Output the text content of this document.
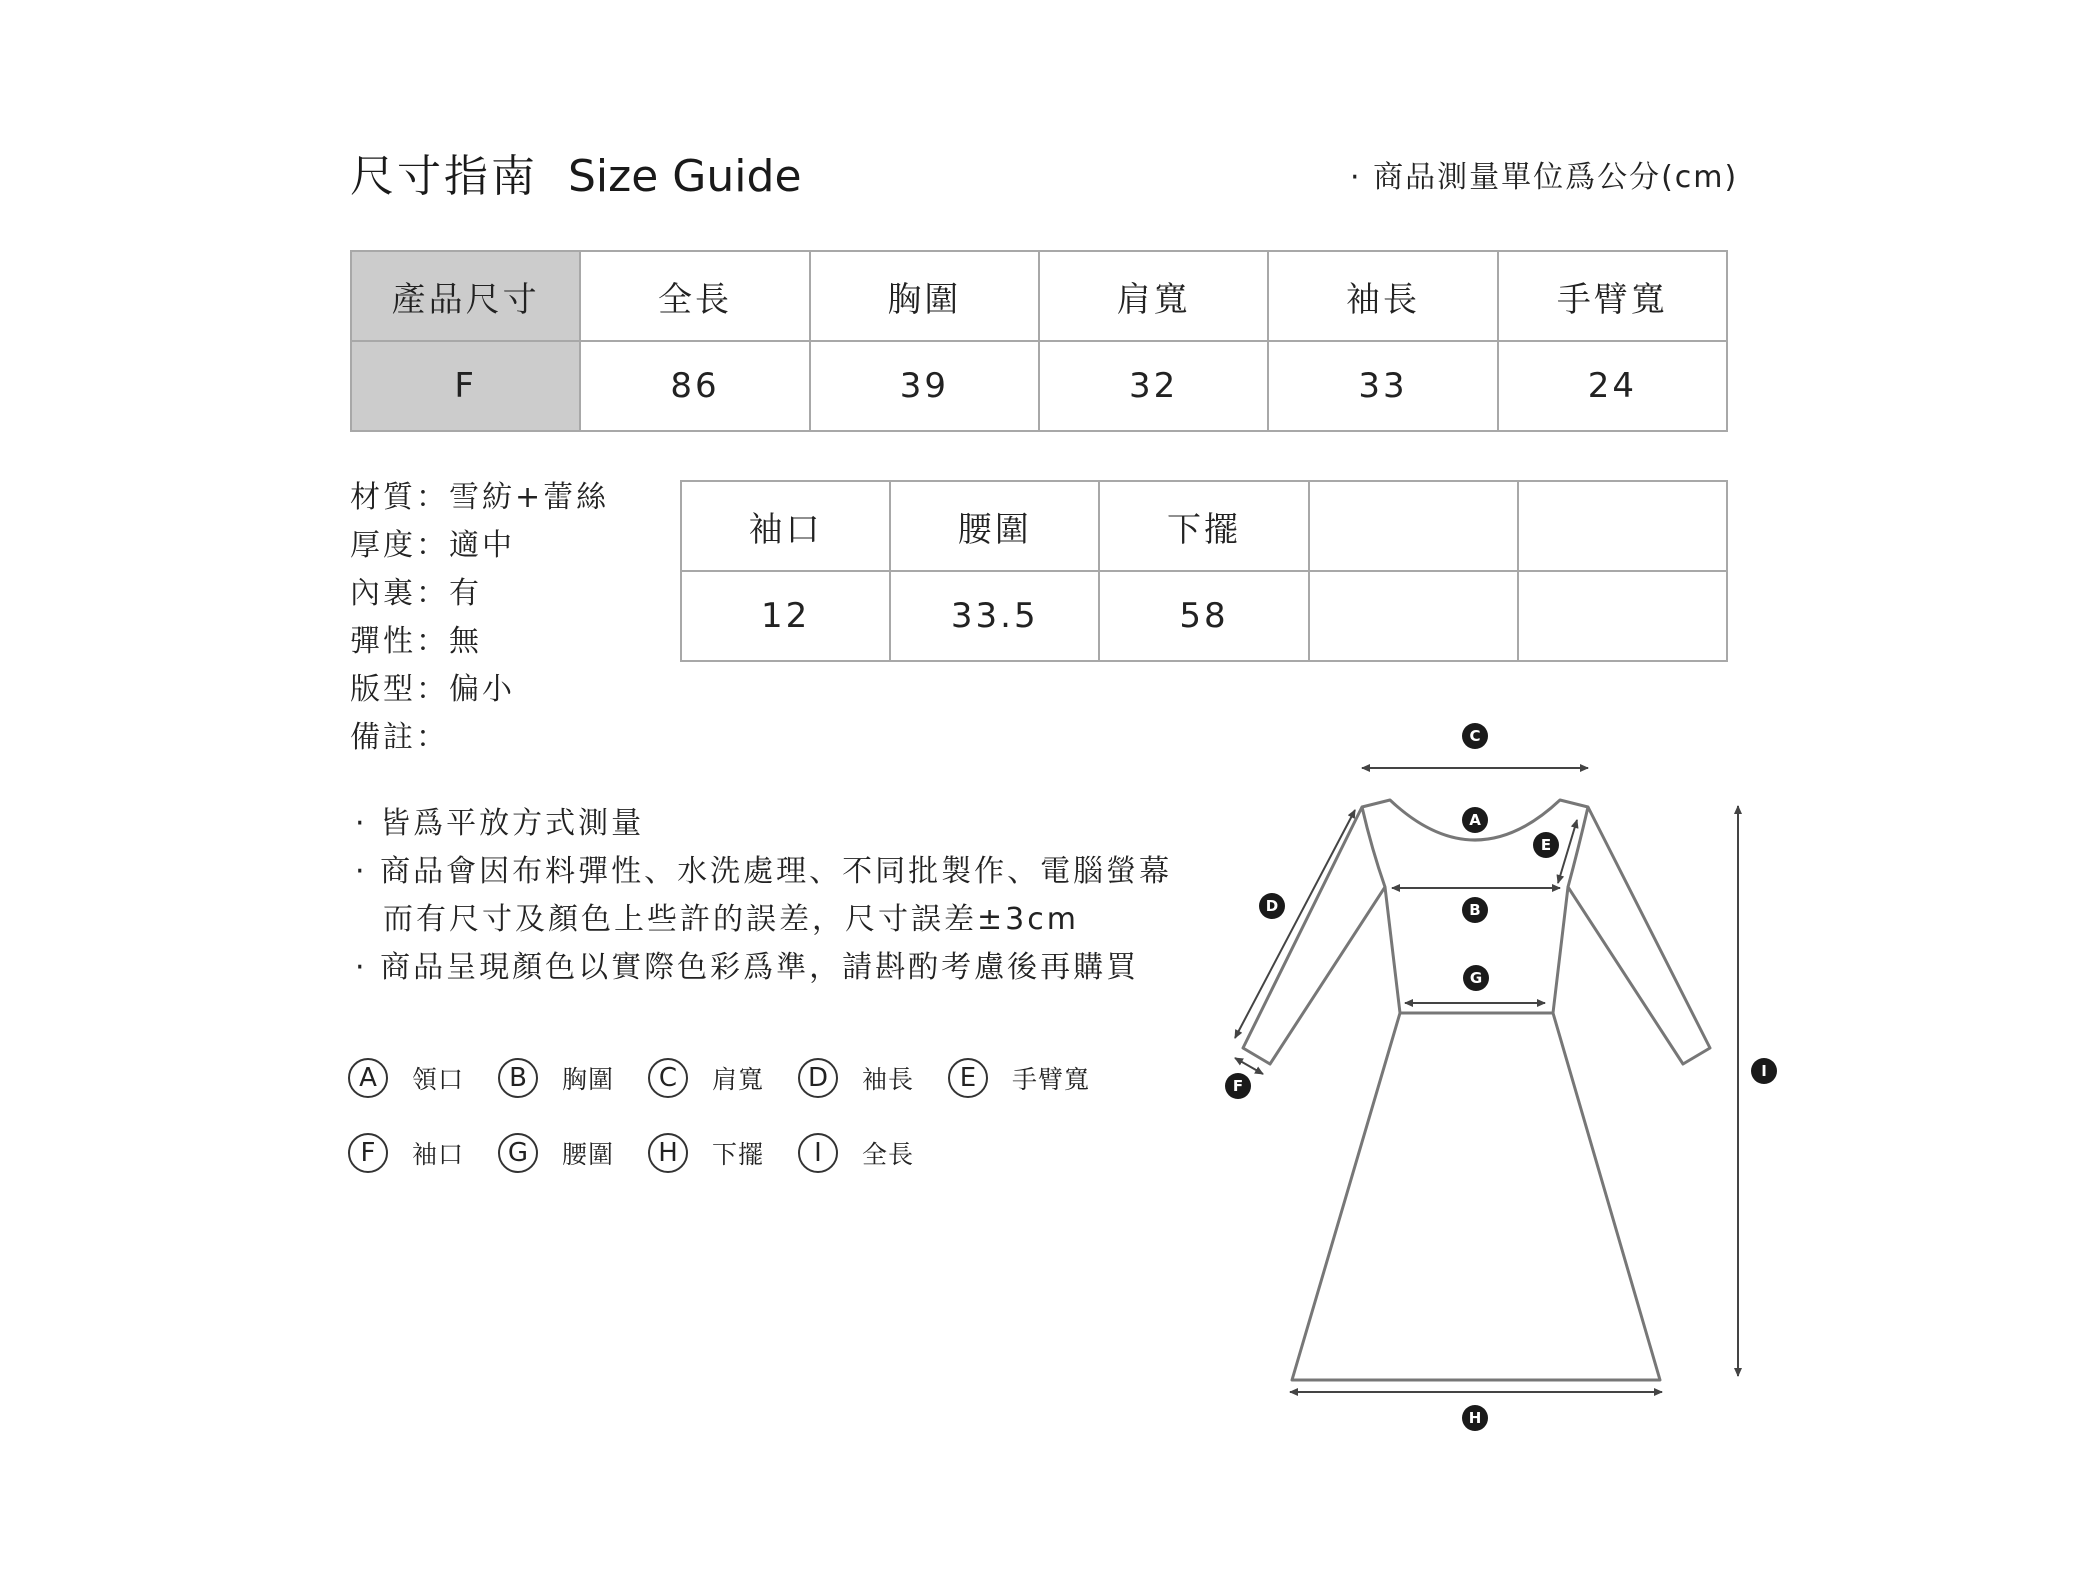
尺寸指南 Size Guide	· 商品測量單位爲公分(cm)
產品尺寸	全長	胸圍	肩寬	袖長	手臂寬
F	86	39	32	33	24
袖口	腰圍	下擺		
12	33.5	58		
材質：雪紡+蕾絲
厚度：適中
內裏：有
彈性：無
版型：偏小
備註：
· 皆爲平放方式測量
· 商品會因布料彈性、水洗處理、不同批製作、電腦螢幕
而有尺寸及顏色上些許的誤差，尺寸誤差±3cm
· 商品呈現顏色以實際色彩爲準，請斟酌考慮後再購買
A	領口	B	胸圍	C	肩寬	D	袖長	E	手臂寬
F	袖口	G	腰圍	H	下擺	I	全長
C
A
E
B
D
G
F
I
H
